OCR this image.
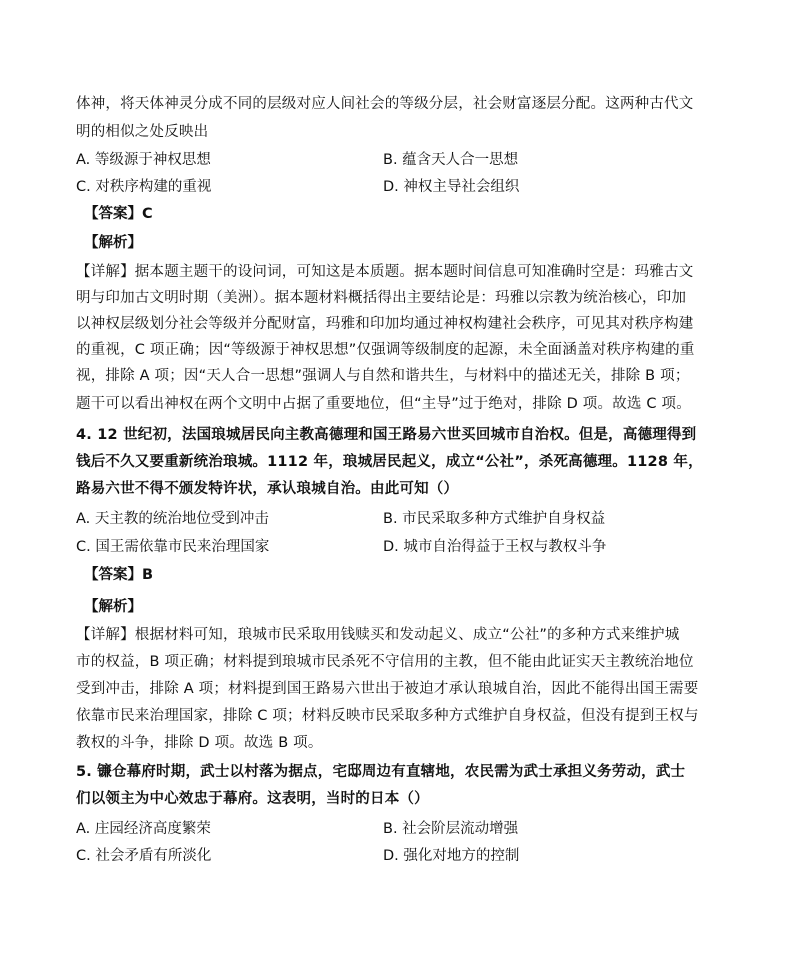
体神，将天体神灵分成不同的层级对应人间社会的等级分层，社会财富逐层分配。这两种古代文
明的相似之处反映出
A. 等级源于神权思想	B. 蕴含天人合一思想
C. 对秩序构建的重视	D. 神权主导社会组织
【答案】C
【解析】
【详解】据本题主题干的设问词，可知这是本质题。据本题时间信息可知准确时空是：玛雅古文
明与印加古文明时期（美洲）。据本题材料概括得出主要结论是：玛雅以宗教为统治核心，印加
以神权层级划分社会等级并分配财富，玛雅和印加均通过神权构建社会秩序，可见其对秩序构建
的重视，C 项正确；因“等级源于神权思想”仅强调等级制度的起源，未全面涵盖对秩序构建的重
视，排除 A 项；因“天人合一思想”强调人与自然和谐共生，与材料中的描述无关，排除 B 项；
题干可以看出神权在两个文明中占据了重要地位，但“主导”过于绝对，排除 D 项。故选 C 项。
4. 12 世纪初，法国琅城居民向主教高德理和国王路易六世买回城市自治权。但是，高德理得到
钱后不久又要重新统治琅城。1112 年，琅城居民起义，成立“公社”，杀死高德理。1128 年，
路易六世不得不颁发特许状，承认琅城自治。由此可知（）
A. 天主教的统治地位受到冲击	B. 市民采取多种方式维护自身权益
C. 国王需依靠市民来治理国家	D. 城市自治得益于王权与教权斗争
【答案】B
【解析】
【详解】根据材料可知，琅城市民采取用钱赎买和发动起义、成立“公社”的多种方式来维护城
市的权益，B 项正确；材料提到琅城市民杀死不守信用的主教，但不能由此证实天主教统治地位
受到冲击，排除 A 项；材料提到国王路易六世出于被迫才承认琅城自治，因此不能得出国王需要
依靠市民来治理国家，排除 C 项；材料反映市民采取多种方式维护自身权益，但没有提到王权与
教权的斗争，排除 D 项。故选 B 项。
5. 镰仓幕府时期，武士以村落为据点，宅邸周边有直辖地，农民需为武士承担义务劳动，武士
们以领主为中心效忠于幕府。这表明，当时的日本（）
A. 庄园经济高度繁荣	B. 社会阶层流动增强
C. 社会矛盾有所淡化	D. 强化对地方的控制
